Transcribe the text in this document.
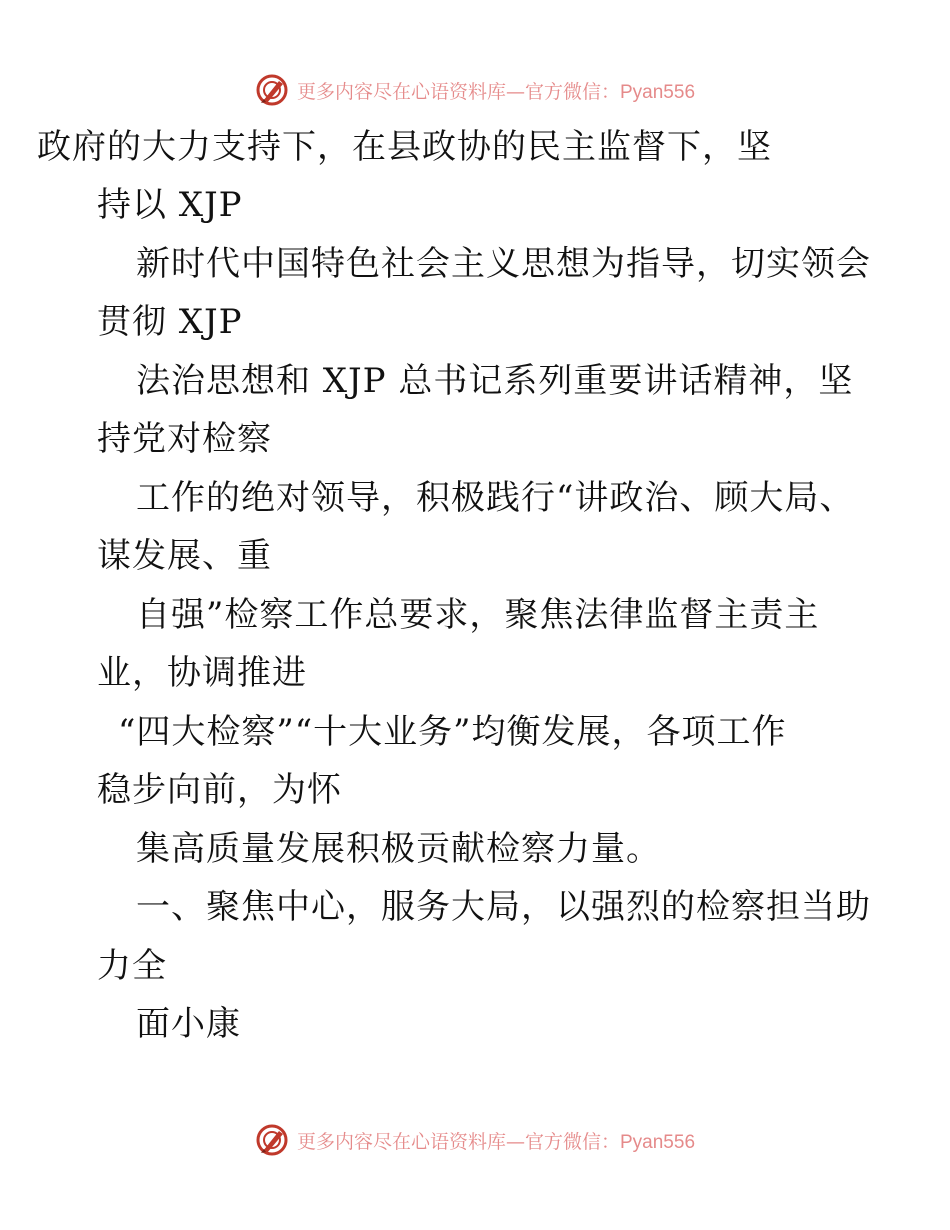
更多内容尽在心语资料库—官方微信：Pyan556
政府的大力支持下，在县政协的民主监督下，坚
持以 XJP
新时代中国特色社会主义思想为指导，切实领会
贯彻 XJP
法治思想和 XJP 总书记系列重要讲话精神，坚
持党对检察
工作的绝对领导，积极践行“讲政治、顾大局、
谋发展、重
自强”检察工作总要求，聚焦法律监督主责主
业，协调推进
“四大检察”“十大业务”均衡发展，各项工作
稳步向前，为怀
集高质量发展积极贡献检察力量。
一、聚焦中心，服务大局，以强烈的检察担当助
力全
面小康
更多内容尽在心语资料库—官方微信：Pyan556
